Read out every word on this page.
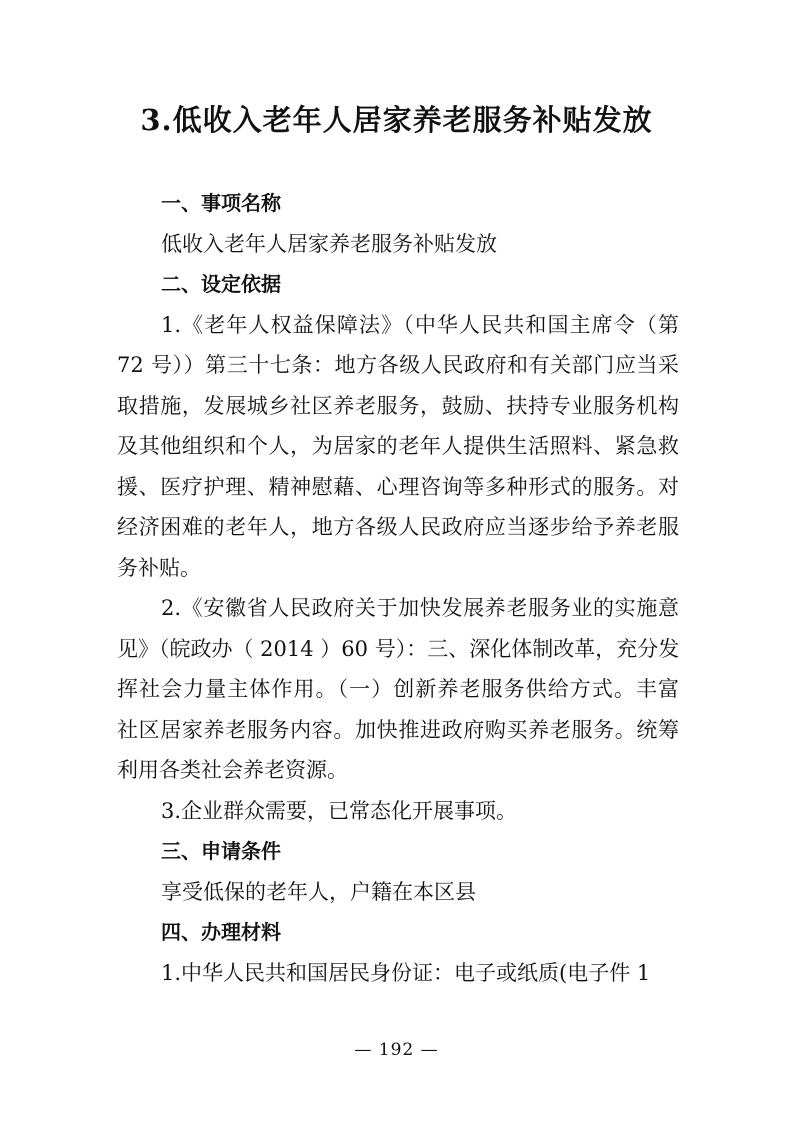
3.低收入老年人居家养老服务补贴发放

一、事项名称

低收入老年人居家养老服务补贴发放

二、设定依据

1.《老年人权益保障法》（中华人民共和国主席令（第
72 号））第三十七条：地方各级人民政府和有关部门应当采
取措施，发展城乡社区养老服务，鼓励、扶持专业服务机构
及其他组织和个人，为居家的老年人提供生活照料、紧急救
援、医疗护理、精神慰藉、心理咨询等多种形式的服务。对
经济困难的老年人，地方各级人民政府应当逐步给予养老服
务补贴。
2.《安徽省人民政府关于加快发展养老服务业的实施意
见》（皖政办（ 2014 ）60 号）：三、深化体制改革，充分发
挥社会力量主体作用。（一）创新养老服务供给方式。丰富
社区居家养老服务内容。加快推进政府购买养老服务。统筹
利用各类社会养老资源。

3.企业群众需要，已常态化开展事项。

三、申请条件

享受低保的老年人，户籍在本区县

四、办理材料

1.中华人民共和国居民身份证：电子或纸质(电子件 1

— 192 —
